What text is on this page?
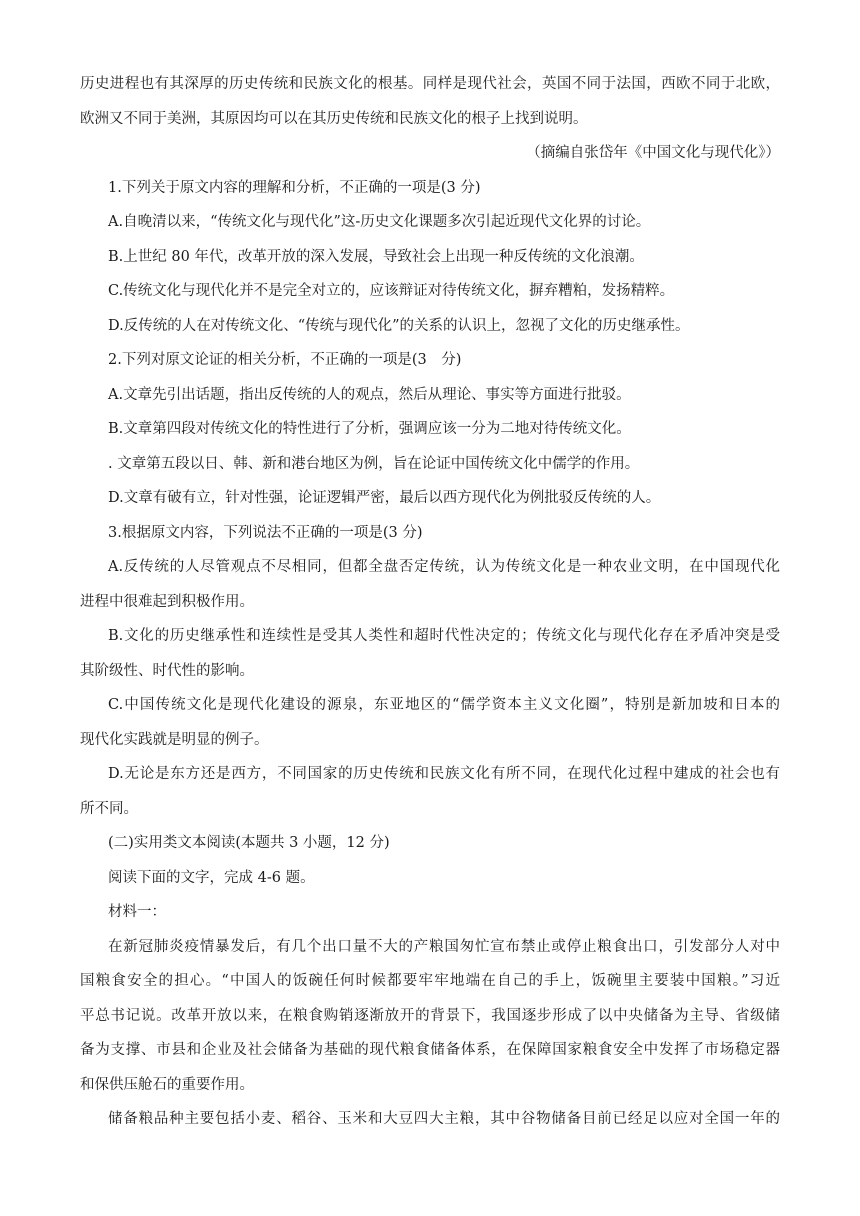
历史进程也有其深厚的历史传统和民族文化的根基。同样是现代社会，英国不同于法国，西欧不同于北欧，
欧洲又不同于美洲，其原因均可以在其历史传统和民族文化的根子上找到说明。
（摘编自张岱年《中国文化与现代化》）
1.下列关于原文内容的理解和分析，不正确的一项是(3 分)
A.自晚清以来，“传统文化与现代化”这-历史文化课题多次引起近现代文化界的讨论。
B.上世纪 80 年代，改革开放的深入发展，导致社会上出现一种反传统的文化浪潮。
C.传统文化与现代化并不是完全对立的，应该辩证对待传统文化，摒弃糟粕，发扬精粹。
D.反传统的人在对传统文化、“传统与现代化”的关系的认识上，忽视了文化的历史继承性。
2.下列对原文论证的相关分析，不正确的一项是(3　分)
A.文章先引出话题，指出反传统的人的观点，然后从理论、事实等方面进行批驳。
B.文章第四段对传统文化的特性进行了分析，强调应该一分为二地对待传统文化。
. 文章第五段以日、韩、新和港台地区为例，旨在论证中国传统文化中儒学的作用。
D.文章有破有立，针对性强，论证逻辑严密，最后以西方现代化为例批驳反传统的人。
3.根据原文内容，下列说法不正确的一项是(3 分)
A.反传统的人尽管观点不尽相同，但都全盘否定传统，认为传统文化是一种农业文明，在中国现代化
进程中很难起到积极作用。
B.文化的历史继承性和连续性是受其人类性和超时代性决定的；传统文化与现代化存在矛盾冲突是受
其阶级性、时代性的影响。
C.中国传统文化是现代化建设的源泉，东亚地区的“儒学资本主义文化圈”，特别是新加坡和日本的
现代化实践就是明显的例子。
D.无论是东方还是西方，不同国家的历史传统和民族文化有所不同，在现代化过程中建成的社会也有
所不同。
(二)实用类文本阅读(本题共 3 小题，12 分)
阅读下面的文字，完成 4-6 题。
材料一：
在新冠肺炎疫情暴发后，有几个出口量不大的产粮国匆忙宣布禁止或停止粮食出口，引发部分人对中
国粮食安全的担心。“中国人的饭碗任何时候都要牢牢地端在自己的手上，饭碗里主要装中国粮。”习近
平总书记说。改革开放以来，在粮食购销逐渐放开的背景下，我国逐步形成了以中央储备为主导、省级储
备为支撑、市县和企业及社会储备为基础的现代粮食储备体系，在保障国家粮食安全中发挥了市场稳定器
和保供压舱石的重要作用。
储备粮品种主要包括小麦、稻谷、玉米和大豆四大主粮，其中谷物储备目前已经足以应对全国一年的
